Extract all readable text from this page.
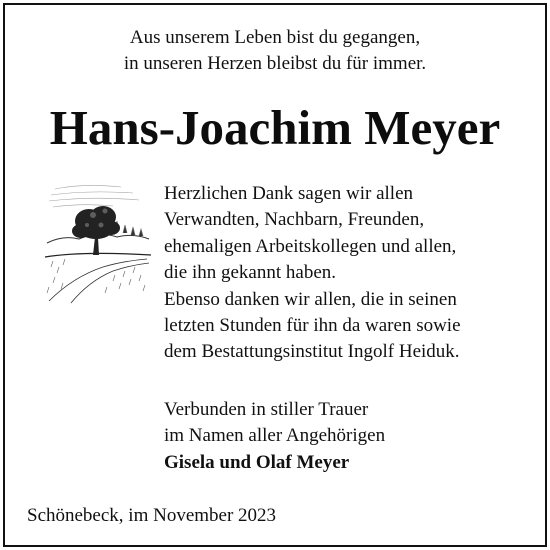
Aus unserem Leben bist du gegangen,
in unseren Herzen bleibst du für immer.
Hans-Joachim Meyer
Herzlichen Dank sagen wir allen
Verwandten, Nachbarn, Freunden,
ehemaligen Arbeitskollegen und allen,
die ihn gekannt haben.
Ebenso danken wir allen, die in seinen
letzten Stunden für ihn da waren sowie
dem Bestattungsinstitut Ingolf Heiduk.
Verbunden in stiller Trauer
im Namen aller Angehörigen
Gisela und Olaf Meyer
Schönebeck, im November 2023
